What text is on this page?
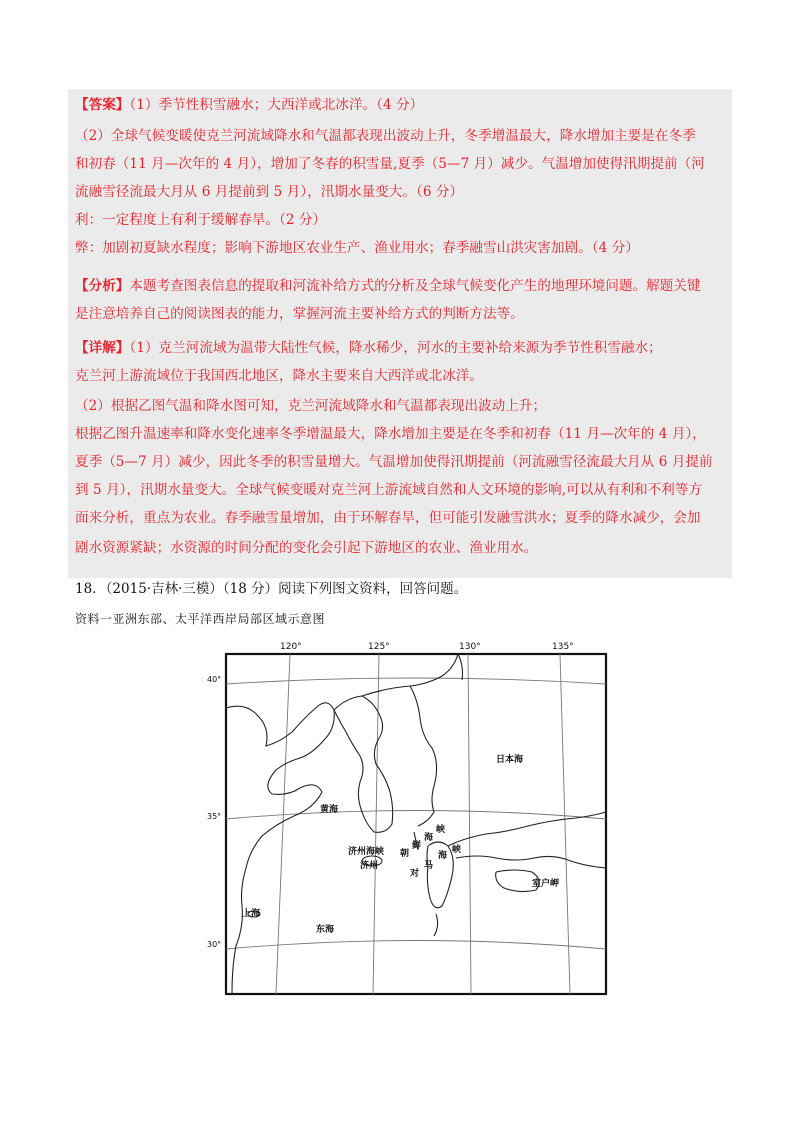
【答案】（1）季节性积雪融水；大西洋或北冰洋。（4 分）
（2）全球气候变暖使克兰河流域降水和气温都表现出波动上升，冬季增温最大，降水增加主要是在冬季
和初春（11 月—次年的 4 月），增加了冬春的积雪量,夏季（5—7 月）减少。气温增加使得汛期提前（河
流融雪径流最大月从 6 月提前到 5 月），汛期水量变大。（6 分）
利：一定程度上有利于缓解春旱。（2 分）
弊：加剧初夏缺水程度；影响下游地区农业生产、渔业用水；春季融雪山洪灾害加剧。（4 分）
【分析】本题考查图表信息的提取和河流补给方式的分析及全球气候变化产生的地理环境问题。解题关键
是注意培养自己的阅读图表的能力，掌握河流主要补给方式的判断方法等。
【详解】（1）克兰河流域为温带大陆性气候，降水稀少，河水的主要补给来源为季节性积雪融水；
克兰河上游流域位于我国西北地区，降水主要来自大西洋或北冰洋。
（2）根据乙图气温和降水图可知，克兰河流域降水和气温都表现出波动上升；
根据乙图升温速率和降水变化速率冬季增温最大，降水增加主要是在冬季和初春（11 月—次年的 4 月），
夏季（5—7 月）减少，因此冬季的积雪量增大。气温增加使得汛期提前（河流融雪径流最大月从 6 月提前
到 5 月），汛期水量变大。全球气候变暖对克兰河上游流域自然和人文环境的影响,可以从有利和不利等方
面来分析，重点为农业。春季融雪量增加，由于环解春旱，但可能引发融雪洪水；夏季的降水减少，会加
剧水资源紧缺；水资源的时间分配的变化会引起下游地区的农业、渔业用水。
18．（2015·吉林·三模）（18 分）阅读下列图文资料，回答问题。
资料一亚洲东部、太平洋西岸局部区域示意图
120°	125°	130°	135°
40°
35°
30°
日本海
黄海
东海
上海
济州海峡
济州
朝
鲜
海
峡
对
马
海
峡
室户岬
